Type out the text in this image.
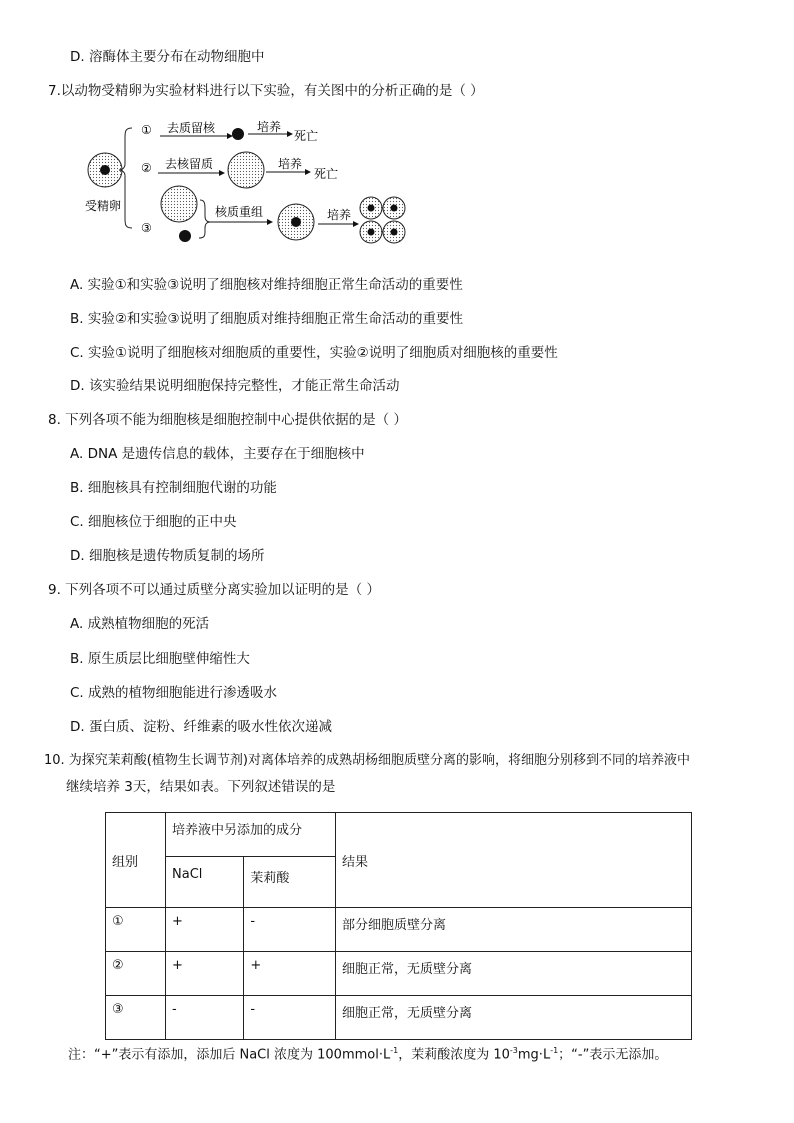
D. 溶酶体主要分布在动物细胞中
7.以动物受精卵为实验材料进行以下实验，有关图中的分析正确的是（ ）
受精卵
① 去质留核	培养
死亡
② 去核留质	培养
死亡
③
核质重组	培养
A. 实验①和实验③说明了细胞核对维持细胞正常生命活动的重要性
B. 实验②和实验③说明了细胞质对维持细胞正常生命活动的重要性
C. 实验①说明了细胞核对细胞质的重要性，实验②说明了细胞质对细胞核的重要性
D. 该实验结果说明细胞保持完整性，才能正常生命活动
8. 下列各项不能为细胞核是细胞控制中心提供依据的是（ ）
A. DNA 是遗传信息的载体，主要存在于细胞核中
B. 细胞核具有控制细胞代谢的功能
C. 细胞核位于细胞的正中央
D. 细胞核是遗传物质复制的场所
9. 下列各项不可以通过质壁分离实验加以证明的是（ ）
A. 成熟植物细胞的死活
B. 原生质层比细胞壁伸缩性大
C. 成熟的植物细胞能进行渗透吸水
D. 蛋白质、淀粉、纤维素的吸水性依次递减
10. 为探究茉莉酸(植物生长调节剂)对离体培养的成熟胡杨细胞质壁分离的影响，将细胞分别移到不同的培养液中
继续培养 3天，结果如表。下列叙述错误的是
组别	培养液中另添加的成分		结果
	NaCl	茉莉酸	
①	+	-	部分细胞质壁分离
②	+	+	细胞正常，无质壁分离
③	-	-	细胞正常，无质壁分离
注：“+”表示有添加，添加后 NaCl 浓度为 $100mmol\cdot L^{-1}$，茉莉酸浓度为 $10^{-3}mg\cdot L^{-1}$；“-”表示无添加。
